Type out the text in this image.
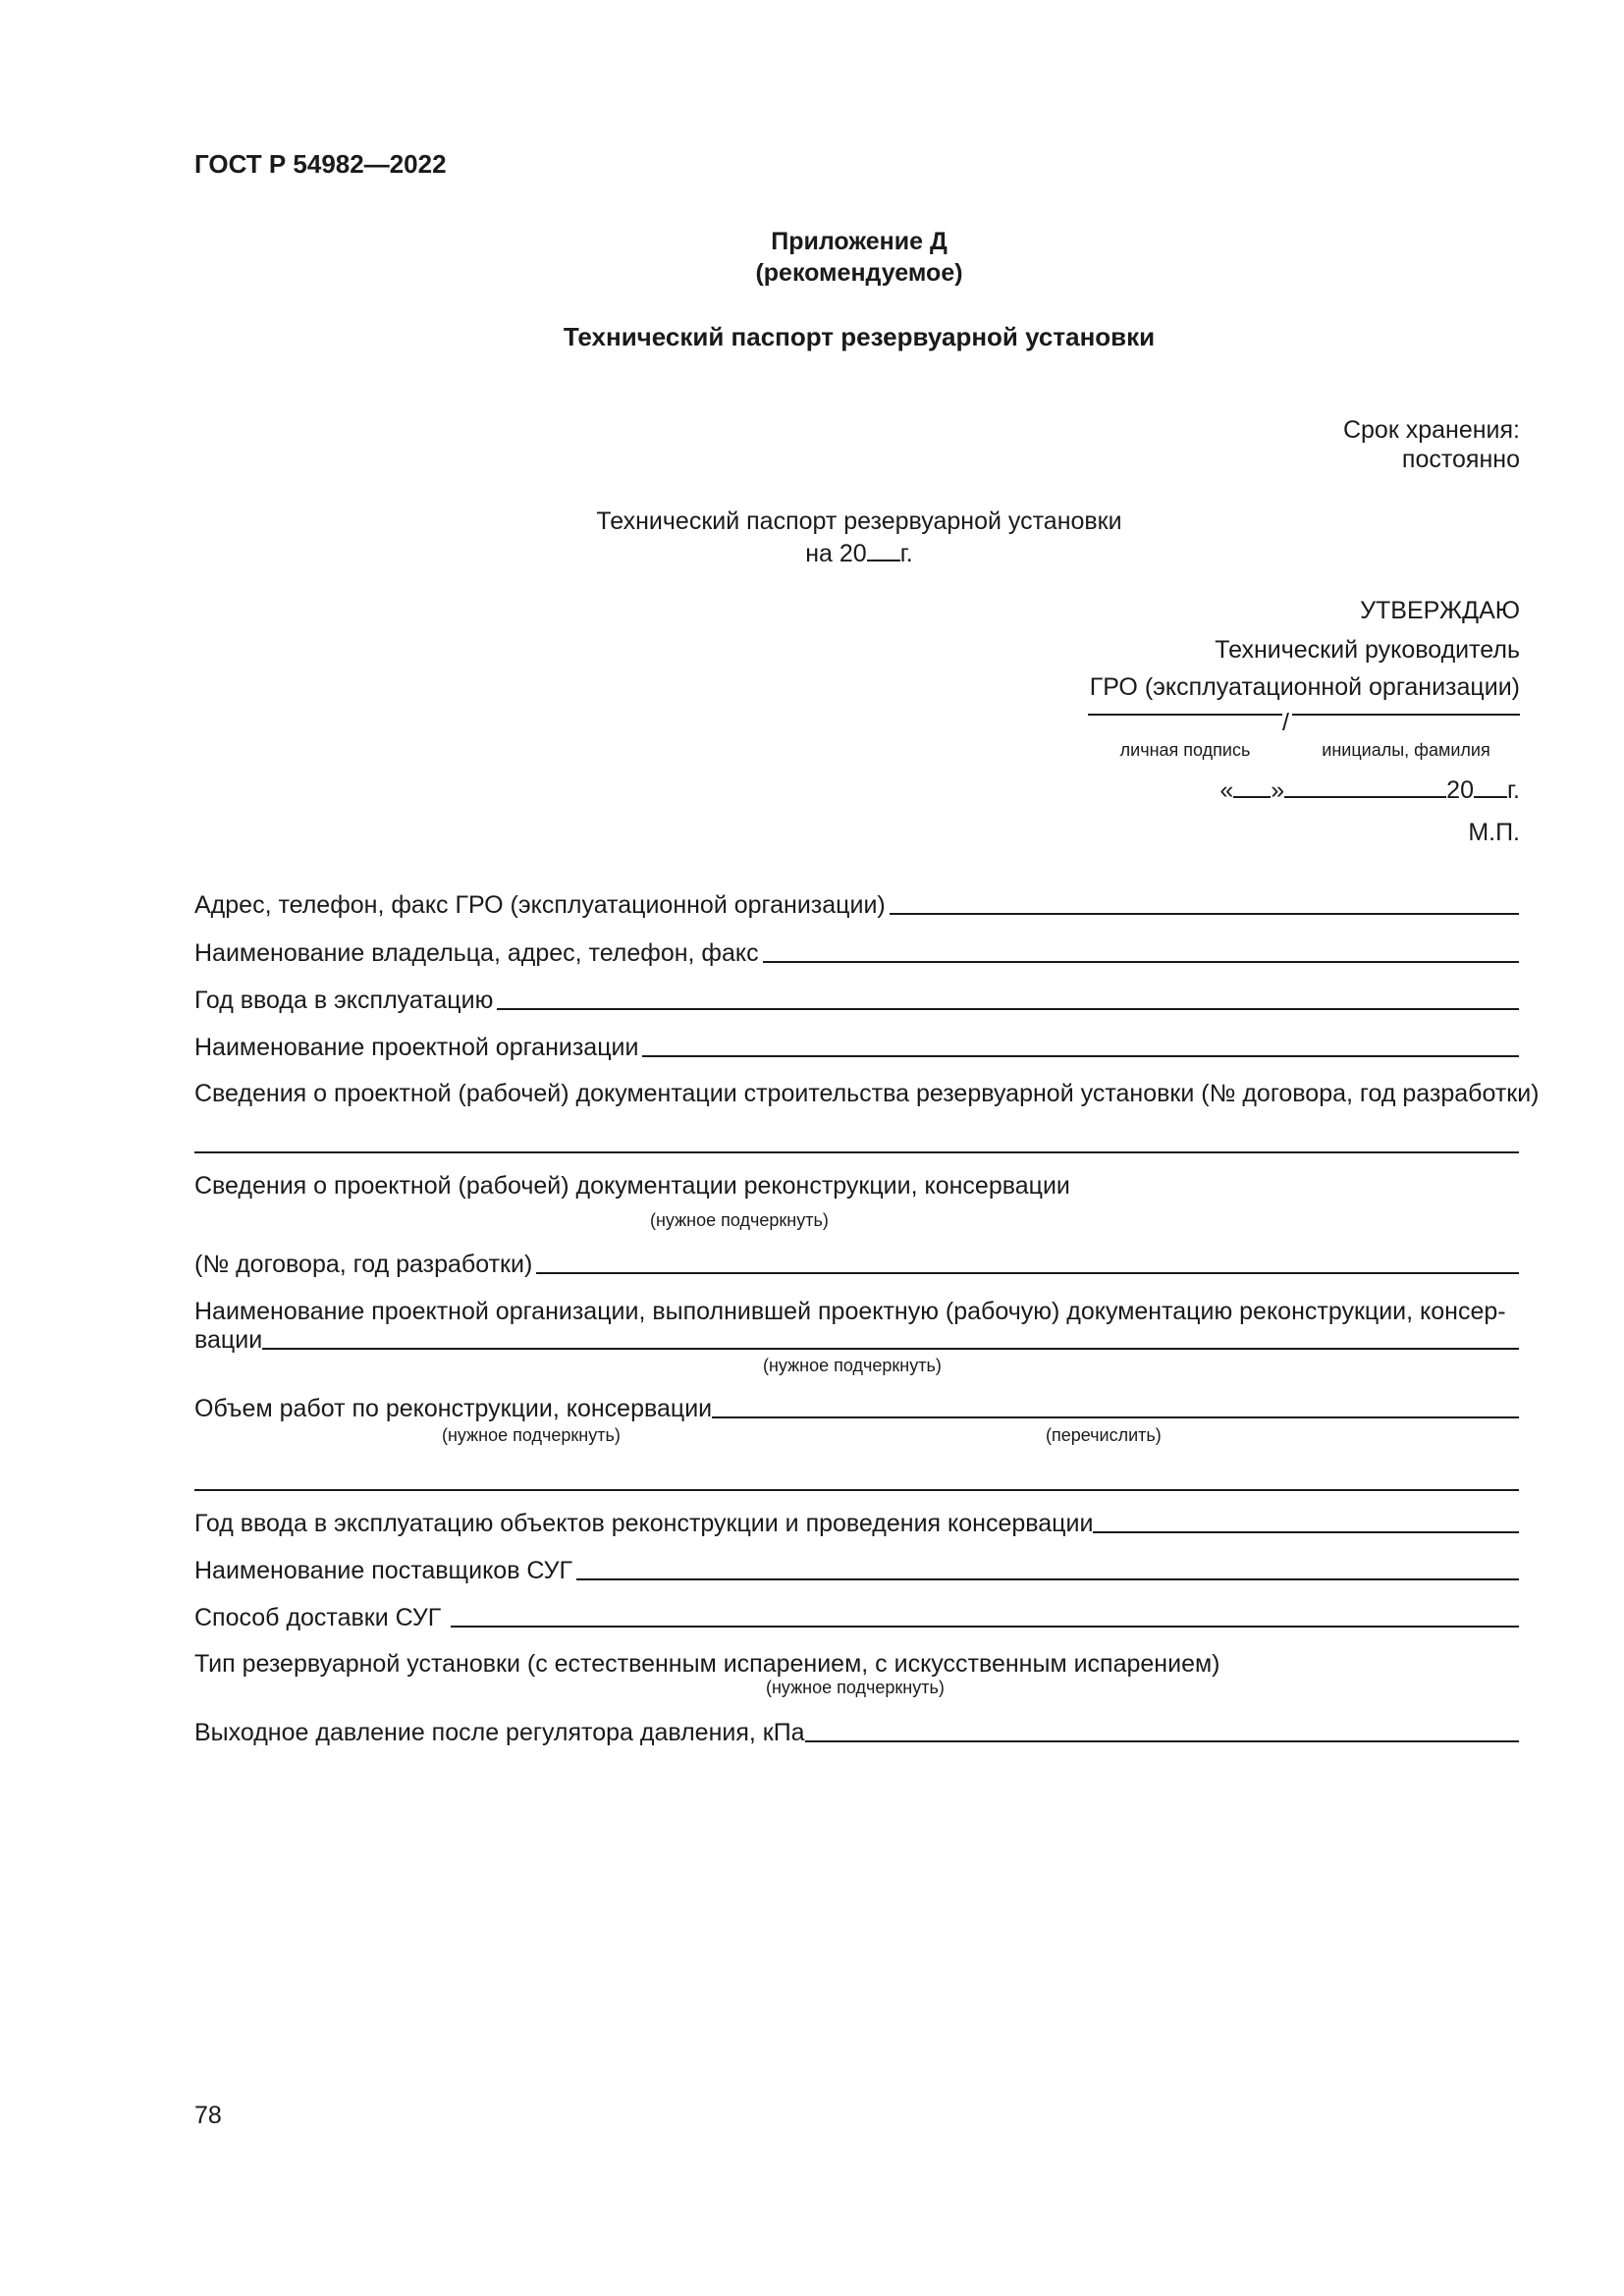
ГОСТ Р 54982—2022
Приложение Д
(рекомендуемое)
Технический паспорт резервуарной установки
Срок хранения:
постоянно
Технический паспорт резервуарной установки
на 20 г.
УТВЕРЖДАЮ
Технический руководитель
ГРО (эксплуатационной организации)
/
личная подпись	инициалы, фамилия
« »	20 г.
М.П.
Адрес, телефон, факс ГРО (эксплуатационной организации)
Наименование владельца, адрес, телефон, факс
Год ввода в эксплуатацию
Наименование проектной организации
Сведения о проектной (рабочей) документации строительства резервуарной установки (№ договора, год разработки)
Сведения о проектной (рабочей) документации реконструкции, консервации
(нужное подчеркнуть)
(№ договора, год разработки)
Наименование проектной организации, выполнившей проектную (рабочую) документацию реконструкции, консер-
вации
(нужное подчеркнуть)
Объем работ по реконструкции, консервации
(нужное подчеркнуть)	(перечислить)
Год ввода в эксплуатацию объектов реконструкции и проведения консервации
Наименование поставщиков СУГ
Способ доставки СУГ
Тип резервуарной установки (с естественным испарением, с искусственным испарением)
(нужное подчеркнуть)
Выходное давление после регулятора давления, кПа
78
